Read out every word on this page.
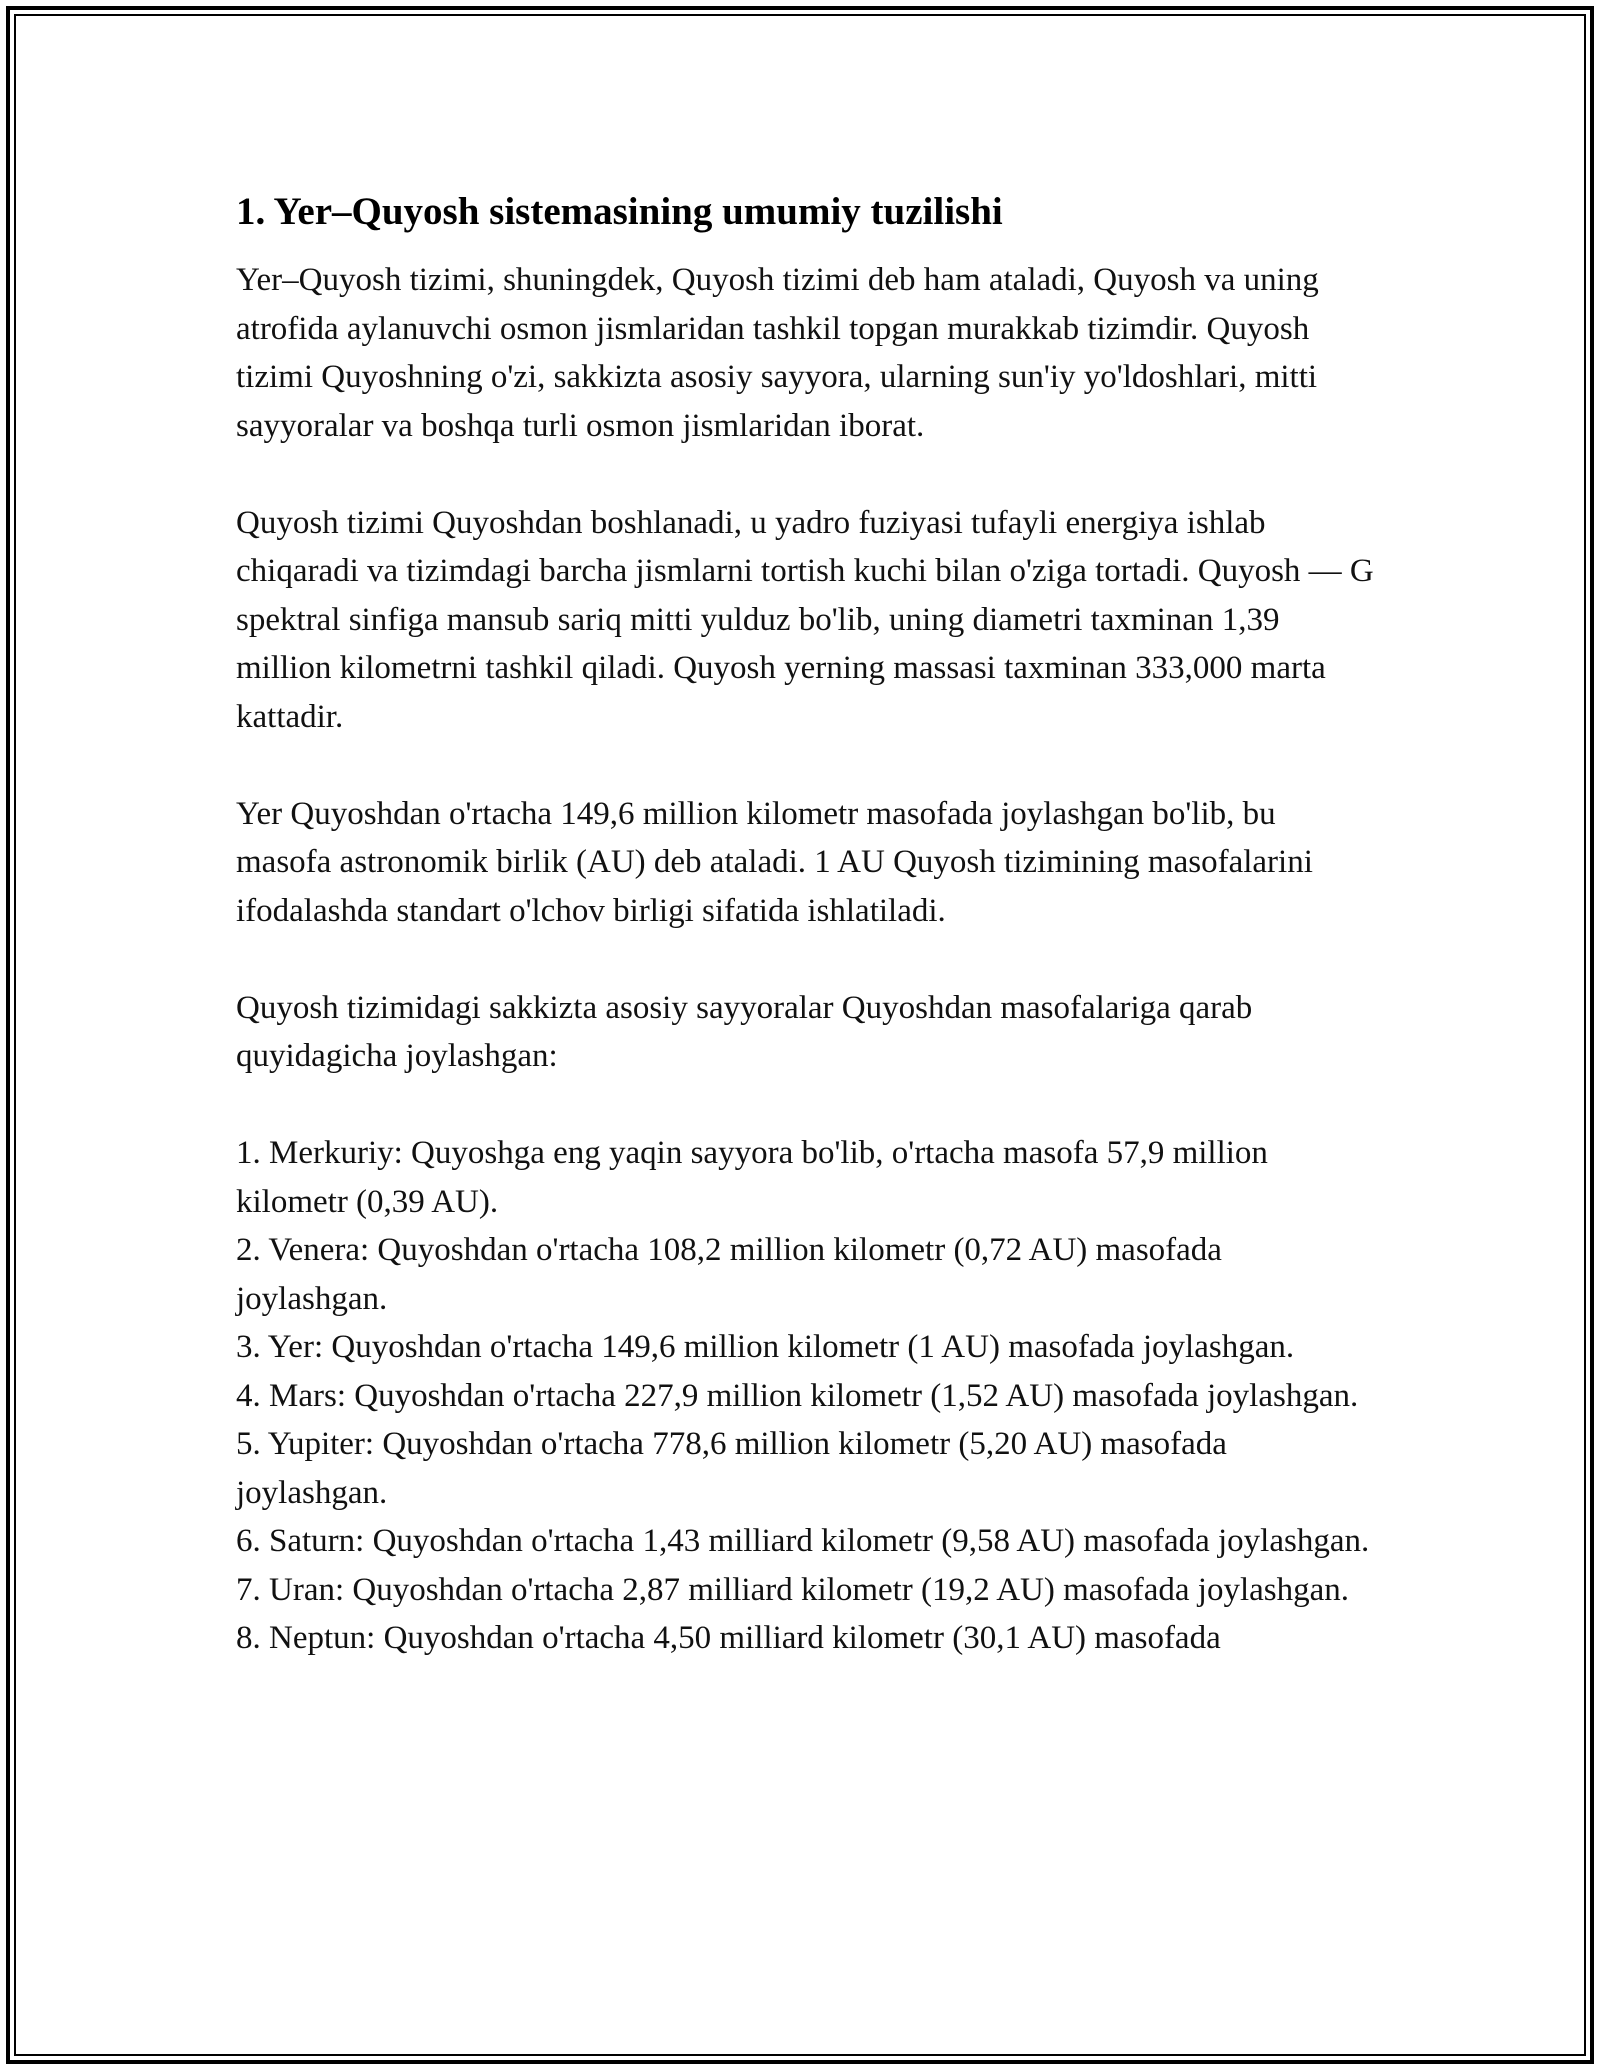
1. Yer–Quyosh sistemasining umumiy tuzilishi

Yer–Quyosh tizimi, shuningdek, Quyosh tizimi deb ham ataladi, Quyosh va uning atrofida aylanuvchi osmon jismlaridan tashkil topgan murakkab tizimdir. Quyosh tizimi Quyoshning o'zi, sakkizta asosiy sayyora, ularning sun'iy yo'ldoshlari, mitti sayyoralar va boshqa turli osmon jismlaridan iborat.

Quyosh tizimi Quyoshdan boshlanadi, u yadro fuziyasi tufayli energiya ishlab chiqaradi va tizimdagi barcha jismlarni tortish kuchi bilan o'ziga tortadi. Quyosh — G spektral sinfiga mansub sariq mitti yulduz bo'lib, uning diametri taxminan 1,39 million kilometrni tashkil qiladi. Quyosh yerning massasi taxminan 333,000 marta kattadir.

Yer Quyoshdan o'rtacha 149,6 million kilometr masofada joylashgan bo'lib, bu masofa astronomik birlik (AU) deb ataladi. 1 AU Quyosh tizimining masofalarini ifodalashda standart o'lchov birligi sifatida ishlatiladi.

Quyosh tizimidagi sakkizta asosiy sayyoralar Quyoshdan masofalariga qarab quyidagicha joylashgan:

1. Merkuriy: Quyoshga eng yaqin sayyora bo'lib, o'rtacha masofa 57,9 million kilometr (0,39 AU).
2. Venera: Quyoshdan o'rtacha 108,2 million kilometr (0,72 AU) masofada joylashgan.
3. Yer: Quyoshdan o'rtacha 149,6 million kilometr (1 AU) masofada joylashgan.
4. Mars: Quyoshdan o'rtacha 227,9 million kilometr (1,52 AU) masofada joylashgan.
5. Yupiter: Quyoshdan o'rtacha 778,6 million kilometr (5,20 AU) masofada joylashgan.
6. Saturn: Quyoshdan o'rtacha 1,43 milliard kilometr (9,58 AU) masofada joylashgan.
7. Uran: Quyoshdan o'rtacha 2,87 milliard kilometr (19,2 AU) masofada joylashgan.
8. Neptun: Quyoshdan o'rtacha 4,50 milliard kilometr (30,1 AU) masofada
